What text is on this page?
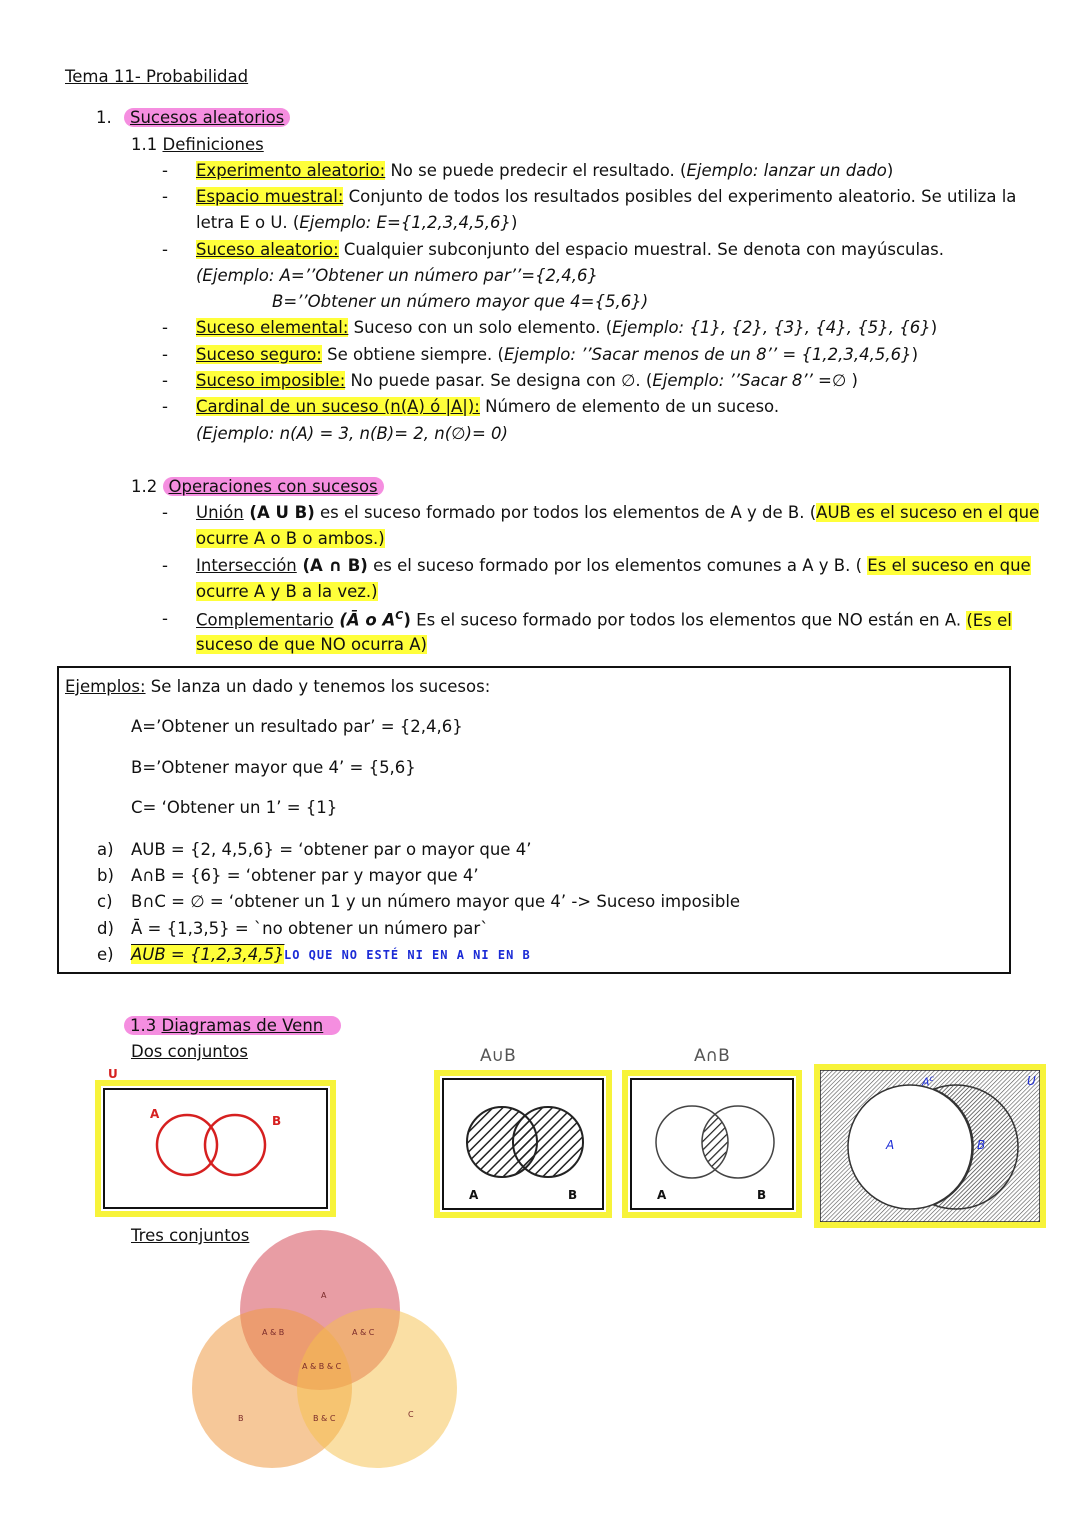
Tema 11- Probabilidad
1.	Sucesos aleatorios
1.1 Definiciones
- Experimento aleatorio: No se puede predecir el resultado. (Ejemplo: lanzar un dado)
- Espacio muestral: Conjunto de todos los resultados posibles del experimento aleatorio. Se utiliza la
letra E o U. (Ejemplo: E={1,2,3,4,5,6})
- Suceso aleatorio: Cualquier subconjunto del espacio muestral. Se denota con mayúsculas.
(Ejemplo: A=’’Obtener un número par’’={2,4,6}
B=’’Obtener un número mayor que 4={5,6})
- Suceso elemental: Suceso con un solo elemento. (Ejemplo: {1}, {2}, {3}, {4}, {5}, {6})
- Suceso seguro: Se obtiene siempre. (Ejemplo: ’’Sacar menos de un 8’’ = {1,2,3,4,5,6})
- Suceso imposible: No puede pasar. Se designa con ∅. (Ejemplo: ’’Sacar 8’’ =∅ )
- Cardinal de un suceso (n(A) ó |A|): Número de elemento de un suceso.
(Ejemplo: n(A) = 3, n(B)= 2, n(∅)= 0)
1.2 Operaciones con sucesos
- Unión (A U B) es el suceso formado por todos los elementos de A y de B. (AUB es el suceso en el que
ocurre A o B o ambos.)
- Intersección (A ∩ B) es el suceso formado por los elementos comunes a A y B. ( Es el suceso en que
ocurre A y B a la vez.)
- Complementario (Ā o $A^C$) Es el suceso formado por todos los elementos que NO están en A. (Es el
suceso de que NO ocurra A)
Ejemplos: Se lanza un dado y tenemos los sucesos:
A=’Obtener un resultado par’ = {2,4,6}
B=’Obtener mayor que 4’ = {5,6}
C= ‘Obtener un 1’ = {1}
a) AUB = {2, 4,5,6} = ‘obtener par o mayor que 4’
b) A∩B = {6} = ‘obtener par y mayor que 4’
c) B∩C = ∅ = ‘obtener un 1 y un número mayor que 4’ -> Suceso imposible
d) Ā = {1,3,5} = `no obtener un número par`
e) AUB = {1,2,3,4,5} LO QUE NO ESTÉ NI EN A NI EN B
1.3 Diagramas de Venn
Dos conjuntos
U
A	B
A∪B
A	B
A∩B
A	B
$A^c$	U
A	B
Tres conjuntos
A
A & B	A & C
A & B & C
B	B & C	C
